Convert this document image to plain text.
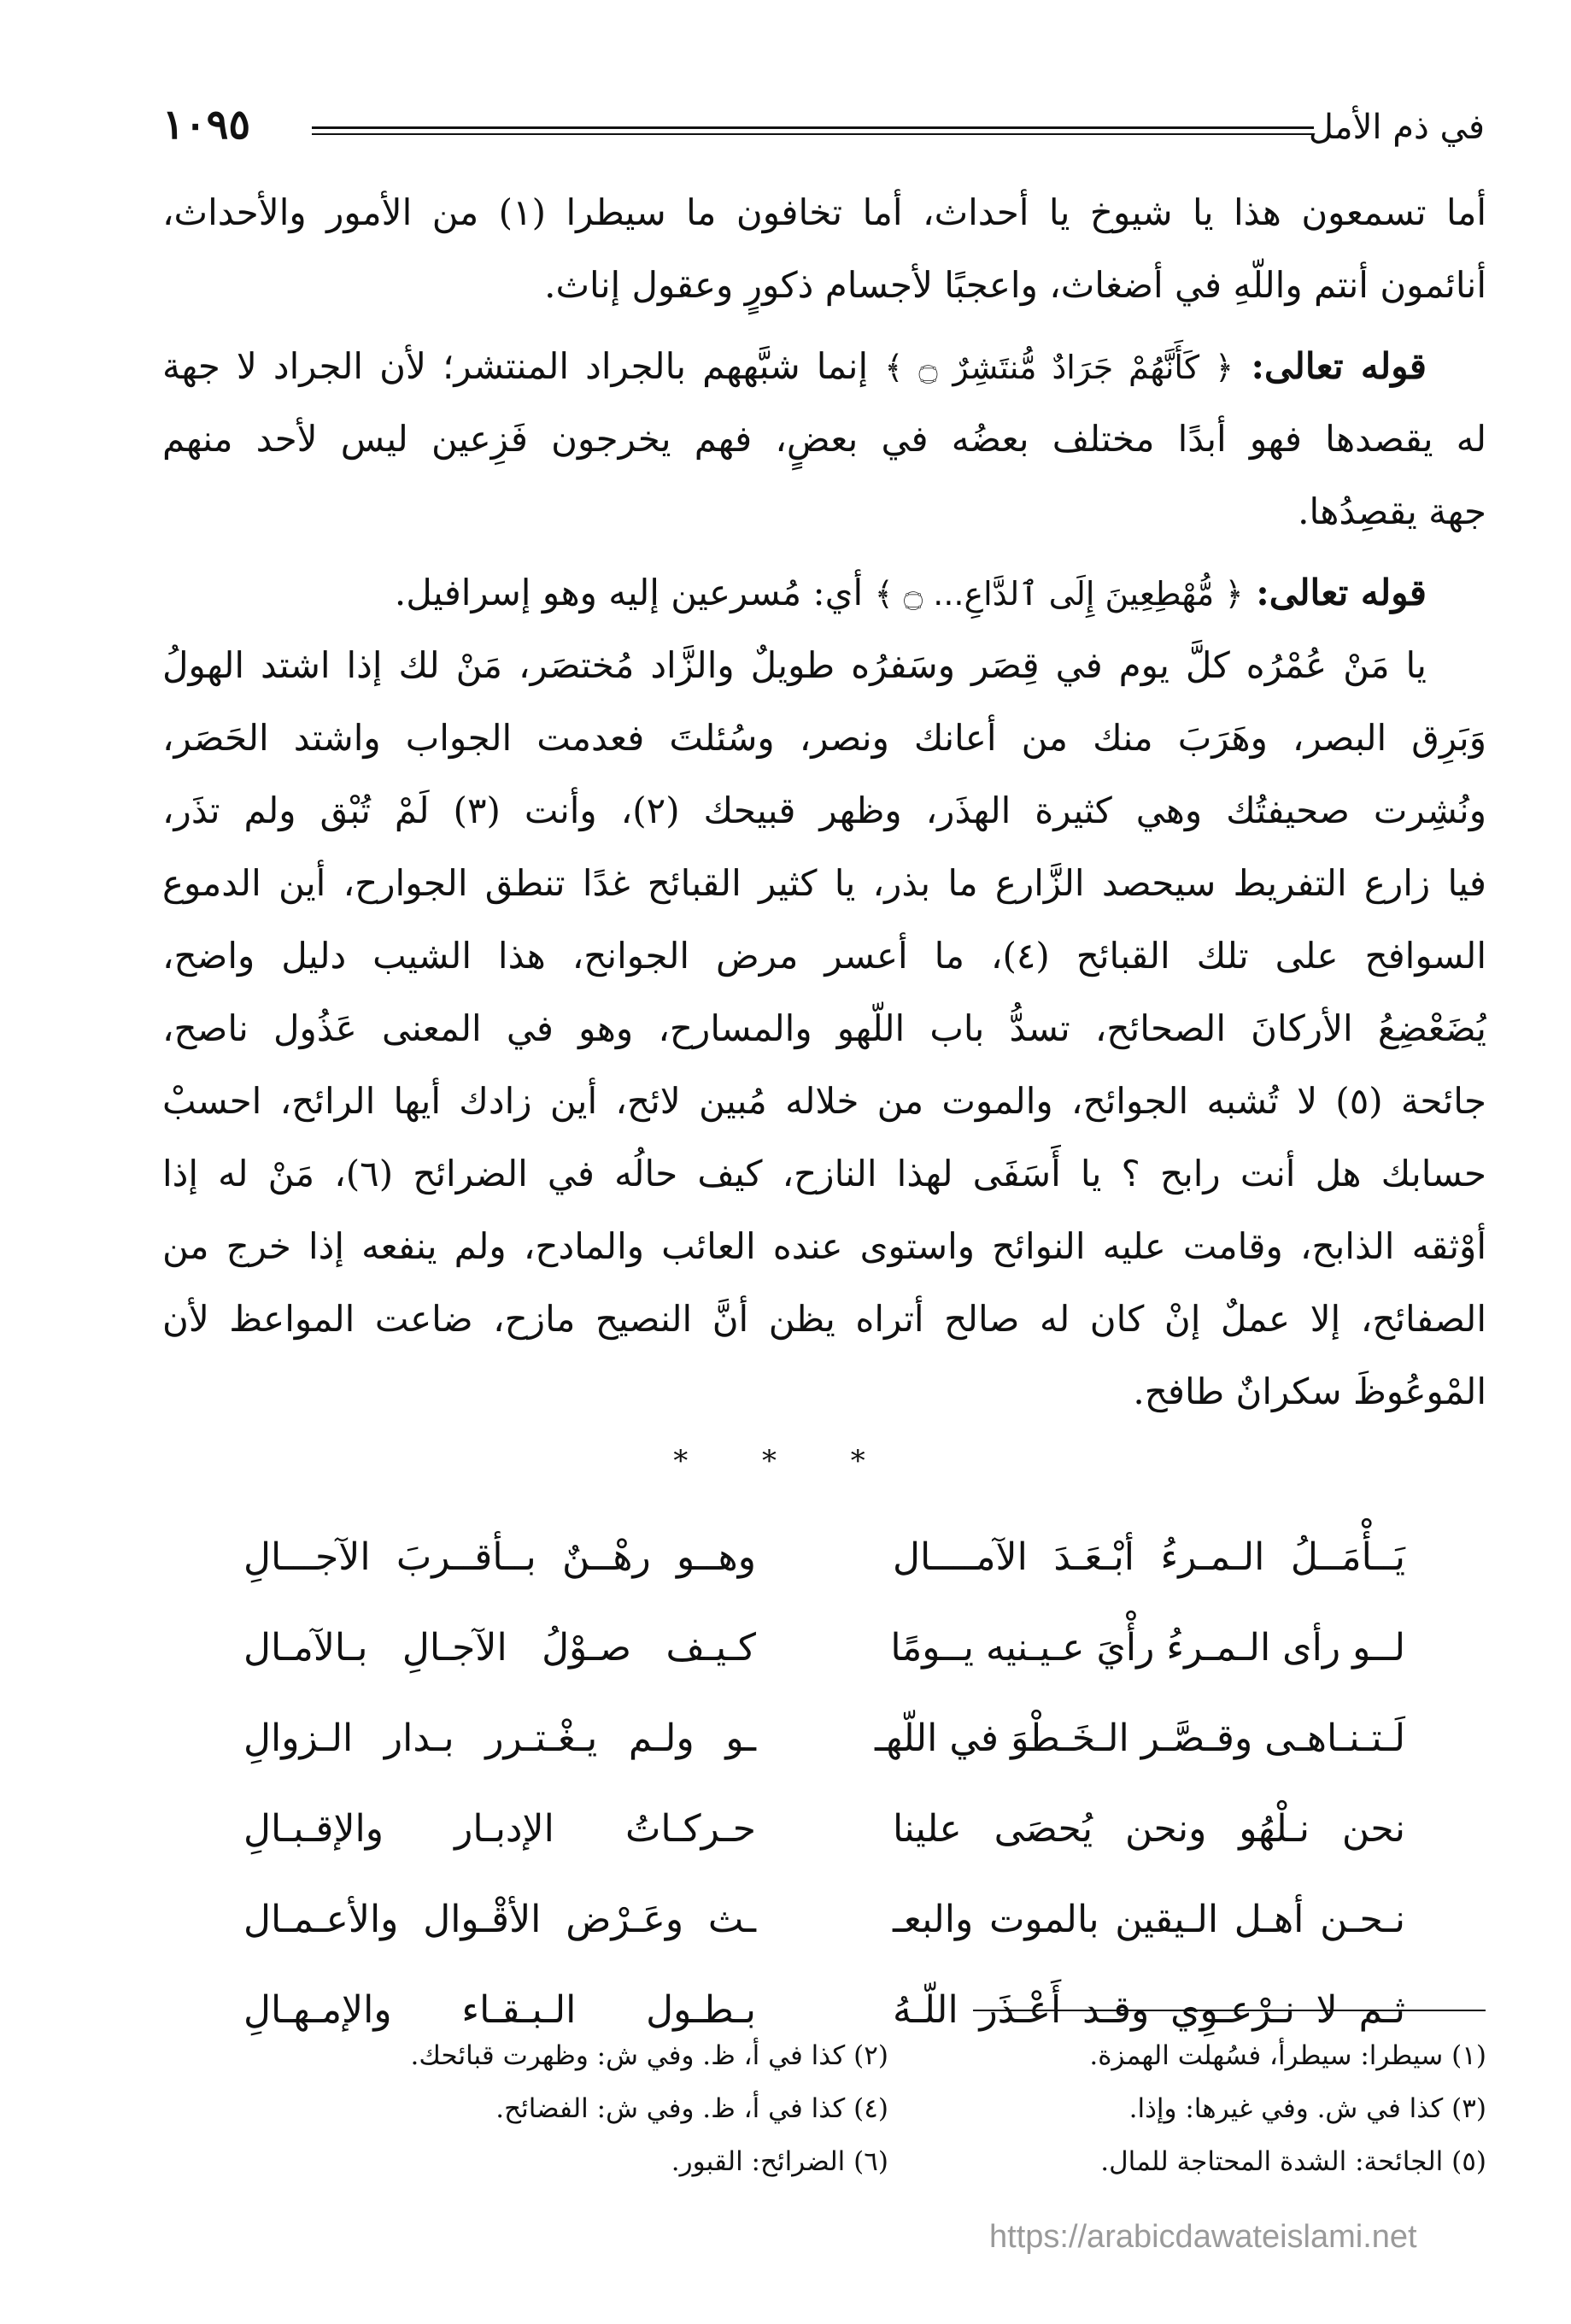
في ذم الأمل
١٠٩٥
أما تسمعون هذا يا شيوخ يا أحداث، أما تخافون ما سيطرا (١) من الأمور والأحداث،
أنائمون أنتم واللّهِ في أضغاث، واعجبًا لأجسام ذكورٍ وعقول إناث.
قوله تعالى: ﴿ كَأَنَّهُمْ جَرَادٌ مُّنتَشِرٌ ۝ ﴾ إنما شبَّههم بالجراد المنتشر؛ لأن الجراد لا جهة
له يقصدها فهو أبدًا مختلف بعضُه في بعضٍ، فهم يخرجون فَزِعين ليس لأحد منهم
جهة يقصِدُها.
قوله تعالى: ﴿ مُّهْطِعِينَ إِلَى ٱلدَّاعِ... ۝ ﴾ أي: مُسرعين إليه وهو إسرافيل.
يا مَنْ عُمْرُه كلَّ يوم في قِصَر وسَفرُه طويلٌ والزَّاد مُختصَر، مَنْ لك إذا اشتد الهولُ
وَبَرِق البصر، وهَرَبَ منك من أعانك ونصر، وسُئلتَ فعدمت الجواب واشتد الحَصَر،
ونُشِرت صحيفتُك وهي كثيرة الهذَر، وظهر قبيحك (٢)، وأنت (٣) لَمْ تُبْق ولم تذَر،
فيا زارع التفريط سيحصد الزَّارع ما بذر، يا كثير القبائح غدًا تنطق الجوارح، أين الدموع
السوافح على تلك القبائح (٤)، ما أعسر مرض الجوانح، هذا الشيب دليل واضح،
يُضَعْضِعُ الأركانَ الصحائح، تسدُّ باب اللّهو والمسارح، وهو في المعنى عَذُول ناصح،
جائحة (٥) لا تُشبه الجوائح، والموت من خلاله مُبين لائح، أين زادك أيها الرائح، احسبْ
حسابك هل أنت رابح ؟ يا أَسَفَى لهذا النازح، كيف حالُه في الضرائح (٦)، مَنْ له إذا
أوْثقه الذابح، وقامت عليه النوائح واستوى عنده العائب والمادح، ولم ينفعه إذا خرج من
الصفائح، إلا عملٌ إنْ كان له صالح أتراه يظن أنَّ النصيح مازح، ضاعت المواعظ لأن
المْوعُوظَ سكرانٌ طافح.
* * *
يَــأْمَــلُ الـمـرءُ أبْـعَـدَ الآمــــال
وهــو رهْــنٌ بــأقــربَ الآجـــالِ
لــو رأى الـمـرءُ رأْيَ عـيـنيه يــومًا
كـيـف صـوْلُ الآجـالِ بـالآمـال
لَـتـنـاهـى وقـصَّـر الـخَـطْوَ في اللّهـ
ـو ولـم يـغْـتـرر بـدار الـزوالِ
نحن نـلْهُو ونحن يُحصَى علينا
حـركـاتُ الإدبـار والإقـبـالِ
نـحـن أهـل الـيقين بالموت والبعـ
ـث وعَـرْض الأقْـوال والأعـمـال
ثـم لا نـرْعـوِي وقـد أَعْـذَر اللّـهُ
بـطـول الـبـقـاء والإمـهـالِ
(١) سيطرا: سيطرأ، فسُهلت الهمزة.
(٢) كذا في أ، ظ. وفي ش: وظهرت قبائحك.
(٣) كذا في ش. وفي غيرها: وإذا.
(٤) كذا في أ، ظ. وفي ش: الفضائح.
(٥) الجائحة: الشدة المحتاجة للمال.
(٦) الضرائح: القبور.
https://arabicdawateislami.net
